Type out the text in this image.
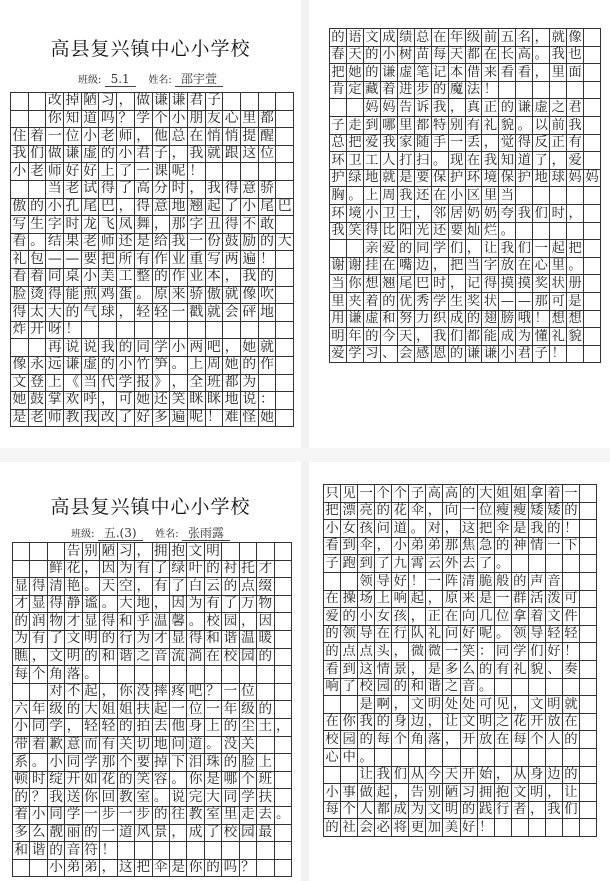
高县复兴镇中心小学校
班级: 5.1 姓名: 邵宇萱
改 掉 陋 习 ， 做 谦 谦 君 子
你 知 道 吗 ？ 学 个 小 朋 友 心 里 都
住 着 一 位 小 老 师 ， 他 总 在 悄 悄 提 醒
我 们 做 谦 虚 的 小 君 子 ， 我 就 跟 这 位
小 老 师 好 好 上 了 一 课 呢 ！
当 老 试 得 了 高 分 时 ， 我 得 意 骄
傲 的 小 孔 尾 巴 ， 得 意 地 翘 起 了 小 尾 巴
写 生 字 时 龙 飞 凤 舞 ， 那 字 丑 得 不 敢
看 。 结 果 老 师 还 是 给 我 一 份 鼓 励 的 大
礼 包 — — 要 把 所 有 作 业 重 写 两 遍 ！
看 着 同 桌 小 美 工 整 的 作 业 本 ， 我 的
脸 烫 得 能 煎 鸡 蛋 。 原 来 骄 傲 就 像 吹
得 太 大 的 气 球 ， 轻 轻 一 戳 就 会 砰 地
炸 开 呀 ！
再 说 说 我 的 同 学 小 两 吧 ， 她 就
像 永 远 谦 虚 的 小 竹 笋 。 上 周 她 的 作
文 登 上 《 当 代 学 报 》 ， 全 班 都 为
她 鼓 掌 欢 呼 ， 可 她 还 笑 眯 眯 地 说 ：
是 老 师 教 我 改 了 好 多 遍 呢 ！ 难 怪 她
的 语 文 成 绩 总 在 年 级 前 五 名 ， 就 像
春 天 的 小 树 苗 每 天 都 在 长 高 。 我 也
把 她 的 谦 虚 笔 记 本 借 来 看 看 ， 里 面
肯 定 藏 着 进 步 的 魔 法 ！
妈 妈 告 诉 我 ， 真 正 的 谦 虚 之 君
子 走 到 哪 里 都 特 别 有 礼 貌 。 以 前 我
总 把 爱 我 家 随 手 一 丢 ， 觉 得 反 正 有
环 卫 工 人 打 扫 。 现 在 我 知 道 了 ， 爱
护 绿 地 就 是 要 保 护 环 境 保 护 地 球 妈 妈
胸 。 上 周 我 还 在 小 区 里 当
环 境 小 卫 士 ， 邻 居 奶 奶 夸 我 们 时 ，
我 笑 得 比 阳 光 还 要 灿 烂 。
亲 爱 的 同 学 们 ， 让 我 们 一 起 把
谢 谢 挂 在 嘴 边 ， 把 当 字 放 在 心 里 。
当 你 想 翘 尾 巴 时 ， 记 得 摸 摸 奖 状 册
里 夹 着 的 优 秀 学 生 奖 状 — — 那 可 是
用 谦 虚 和 努 力 织 成 的 翅 膀 哦 ！ 想 想
明 年 的 今 天 ， 我 们 都 能 成 为 懂 礼 貌
爱 学 习 、 会 感 恩 的 谦 谦 小 君 子 ！
高县复兴镇中心小学校
班级: 五.(3) 姓名: 张雨露
告 别 陋 习 ， 拥 抱 文 明
鲜 花 ， 因 为 有 了 绿 叶 的 衬 托 才
显 得 清 艳 。 天 空 ， 有 了 白 云 的 点 缀
才 显 得 静 谧 。 大 地 ， 因 为 有 了 万 物
的 润 物 才 显 得 和 乎 温 馨 。 校 园 ， 因
为 有 了 文 明 的 行 为 才 显 得 和 谐 温 暖
瞧 ， 文 明 的 和 谐 之 音 流 淌 在 校 园 的
每 个 角 落 。
对 不 起 ， 你 没 摔 疼 吧 ？ 一 位
六 年 级 的 大 姐 姐 扶 起 一 位 一 年 级 的
小 同 学 ， 轻 轻 的 拍 去 他 身 上 的 尘 土 ，
带 着 歉 意 而 有 关 切 地 问 道 。 没 关
系 。 小 同 学 那 个 要 掉 下 泪 珠 的 脸 上
顿 时 绽 开 如 花 的 笑 容 。 你 是 哪 个 班
的 ？ 我 送 你 回 教 室 。 说 完 大 同 学 扶
着 小 同 学 一 步 一 步 的 往 教 室 里 走 去 。
多 么 靓 丽 的 一 道 风 景 ， 成 了 校 园 最
和 谐 的 音 符 ！
小 弟 弟 ， 这 把 伞 是 你 的 吗 ？
只 见 一 个 个 子 高 高 的 大 姐 姐 拿 着 一
把 漂 亮 的 花 伞 ， 向 一 位 瘦 瘦 矮 矮 的
小 女 孩 问 道 。 对 ， 这 把 伞 是 我 的 ！
看 到 伞 ， 小 弟 弟 那 焦 急 的 神 情 一 下
子 跑 到 了 九 霄 云 外 去 了 。
领 导 好 ！ 一 阵 清 脆 般 的 声 音
在 操 场 上 响 起 ， 原 来 是 一 群 活 泼 可
爱 的 小 女 孩 ， 正 在 向 几 位 拿 着 文 件
的 领 导 在 行 队 礼 问 好 呢 。 领 导 轻 轻
的 点 点 头 ， 微 微 一 笑 ： 同 学 们 好 ！
看 到 这 情 景 ， 是 多 么 的 有 礼 貌 、 奏
响 了 校 园 的 和 谐 之 音 。
是 啊 ， 文 明 处 处 可 见 ， 文 明 就
在 你 我 的 身 边 ， 让 文 明 之 花 开 放 在
校 园 的 每 个 角 落 ， 开 放 在 每 个 人 的
心 中 。
让 我 们 从 今 天 开 始 ， 从 身 边 的
小 事 做 起 ， 告 别 陋 习 拥 抱 文 明 ， 让
每 个 人 都 成 为 文 明 的 践 行 者 ， 我 们
的 社 会 必 将 更 加 美 好 ！
